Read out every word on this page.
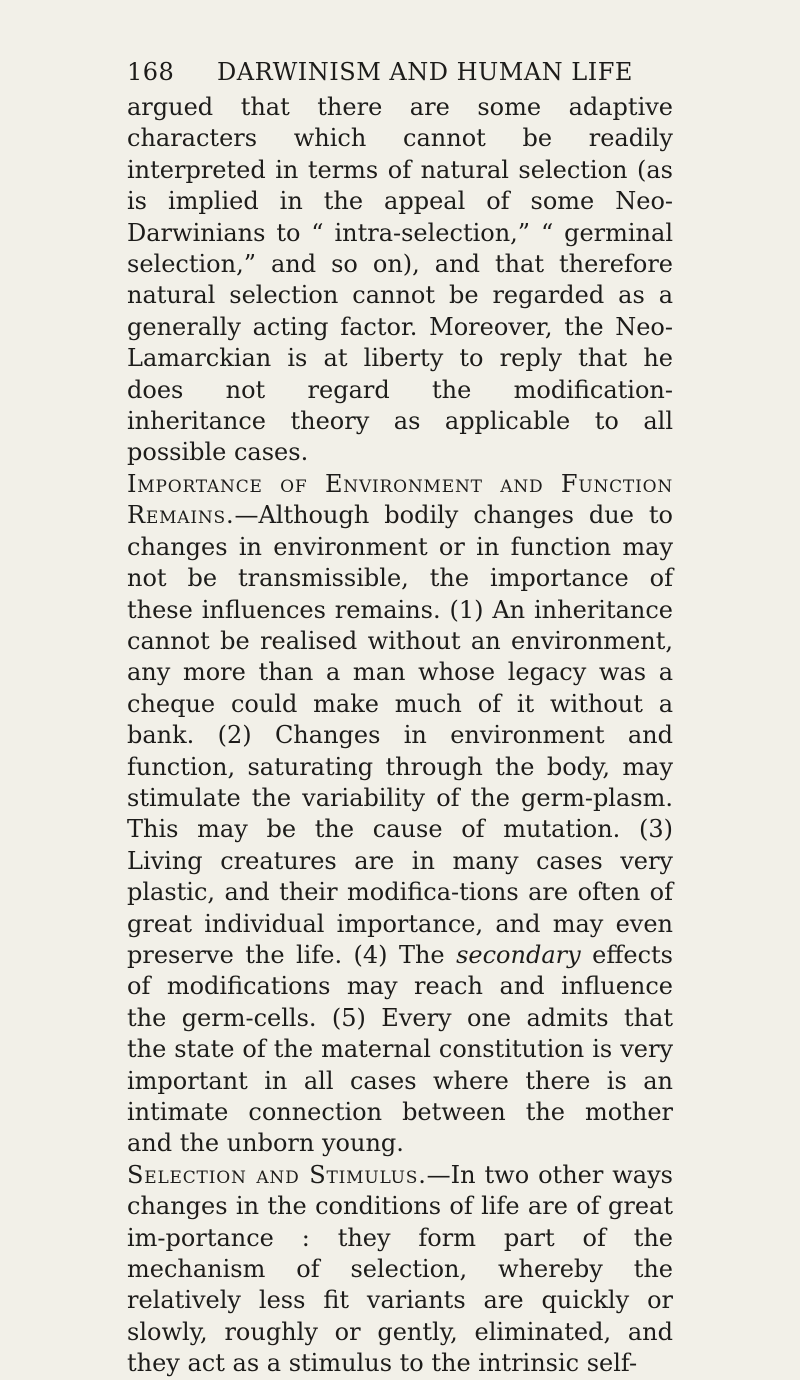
168 DARWINISM AND HUMAN LIFE

argued that there are some adaptive characters which cannot be readily interpreted in terms of natural selection (as is implied in the appeal of some Neo-Darwinians to “ intra-selection,” “ germinal selection,” and so on), and that therefore natural selection cannot be regarded as a generally acting factor. Moreover, the Neo-Lamarckian is at liberty to reply that he does not regard the modification-inheritance theory as applicable to all possible cases.

Importance of Environment and Function Remains.—Although bodily changes due to changes in environment or in function may not be transmissible, the importance of these influences remains. (1) An inheritance cannot be realised without an environment, any more than a man whose legacy was a cheque could make much of it without a bank. (2) Changes in environment and function, saturating through the body, may stimulate the variability of the germ-plasm. This may be the cause of mutation. (3) Living creatures are in many cases very plastic, and their modifica-tions are often of great individual importance, and may even preserve the life. (4) The secondary effects of modifications may reach and influence the germ-cells. (5) Every one admits that the state of the maternal constitution is very important in all cases where there is an intimate connection between the mother and the unborn young.

Selection and Stimulus.—In two other ways changes in the conditions of life are of great im-portance : they form part of the mechanism of selection, whereby the relatively less fit variants are quickly or slowly, roughly or gently, eliminated, and they act as a stimulus to the intrinsic self-
